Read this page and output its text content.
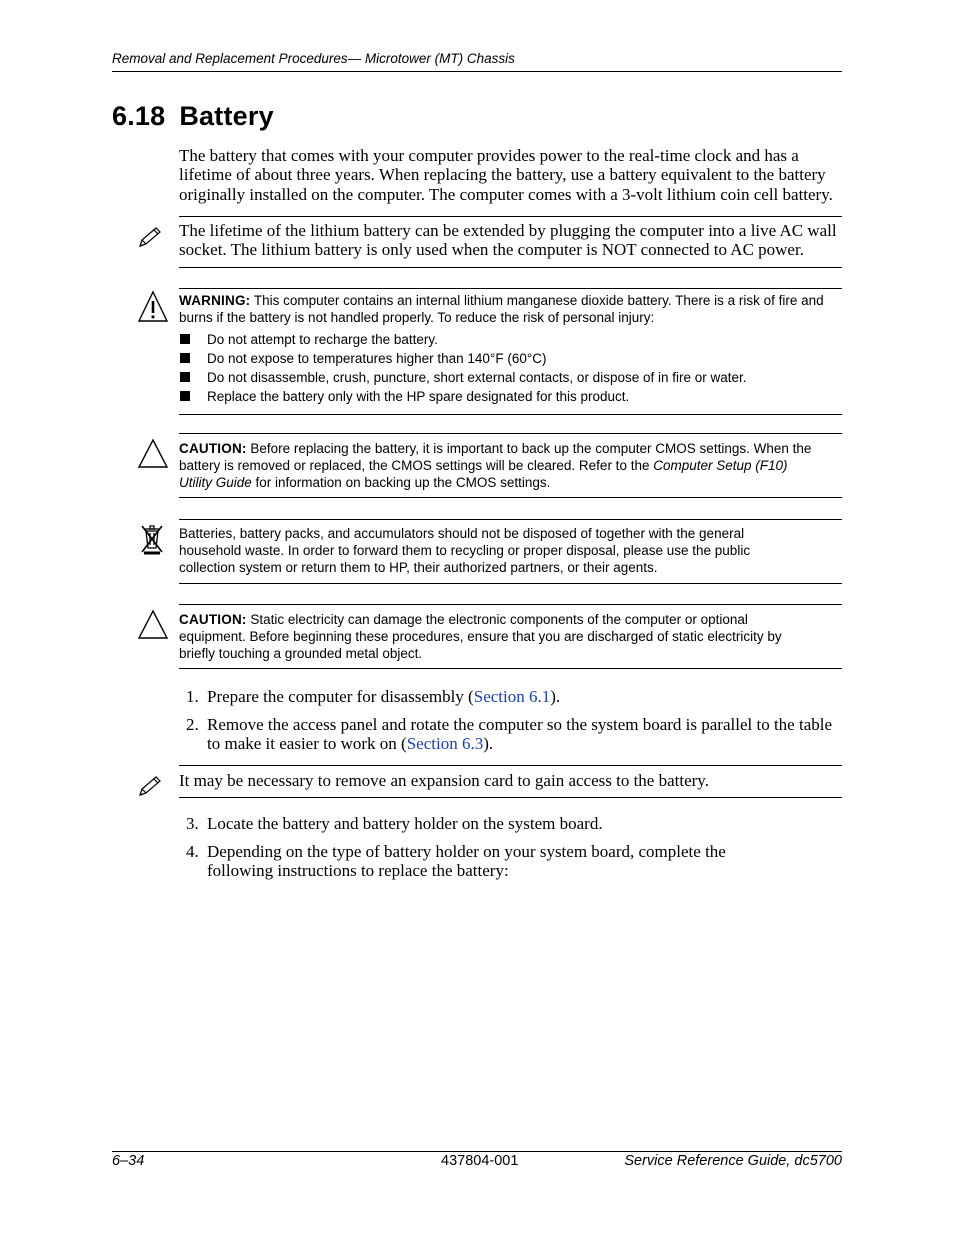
Removal and Replacement Procedures— Microtower (MT) Chassis
6.18 Battery
The battery that comes with your computer provides power to the real-time clock and has a lifetime of about three years. When replacing the battery, use a battery equivalent to the battery originally installed on the computer. The computer comes with a 3-volt lithium coin cell battery.
The lifetime of the lithium battery can be extended by plugging the computer into a live AC wall socket. The lithium battery is only used when the computer is NOT connected to AC power.
WARNING: This computer contains an internal lithium manganese dioxide battery. There is a risk of fire and burns if the battery is not handled properly. To reduce the risk of personal injury:
Do not attempt to recharge the battery.
Do not expose to temperatures higher than 140°F (60°C)
Do not disassemble, crush, puncture, short external contacts, or dispose of in fire or water.
Replace the battery only with the HP spare designated for this product.
CAUTION: Before replacing the battery, it is important to back up the computer CMOS settings. When the battery is removed or replaced, the CMOS settings will be cleared. Refer to the Computer Setup (F10) Utility Guide for information on backing up the CMOS settings.
Batteries, battery packs, and accumulators should not be disposed of together with the general household waste. In order to forward them to recycling or proper disposal, please use the public collection system or return them to HP, their authorized partners, or their agents.
CAUTION: Static electricity can damage the electronic components of the computer or optional equipment. Before beginning these procedures, ensure that you are discharged of static electricity by briefly touching a grounded metal object.
1. Prepare the computer for disassembly (Section 6.1).
2. Remove the access panel and rotate the computer so the system board is parallel to the table to make it easier to work on (Section 6.3).
It may be necessary to remove an expansion card to gain access to the battery.
3. Locate the battery and battery holder on the system board.
4. Depending on the type of battery holder on your system board, complete the following instructions to replace the battery:
6–34	437804-001	Service Reference Guide, dc5700
